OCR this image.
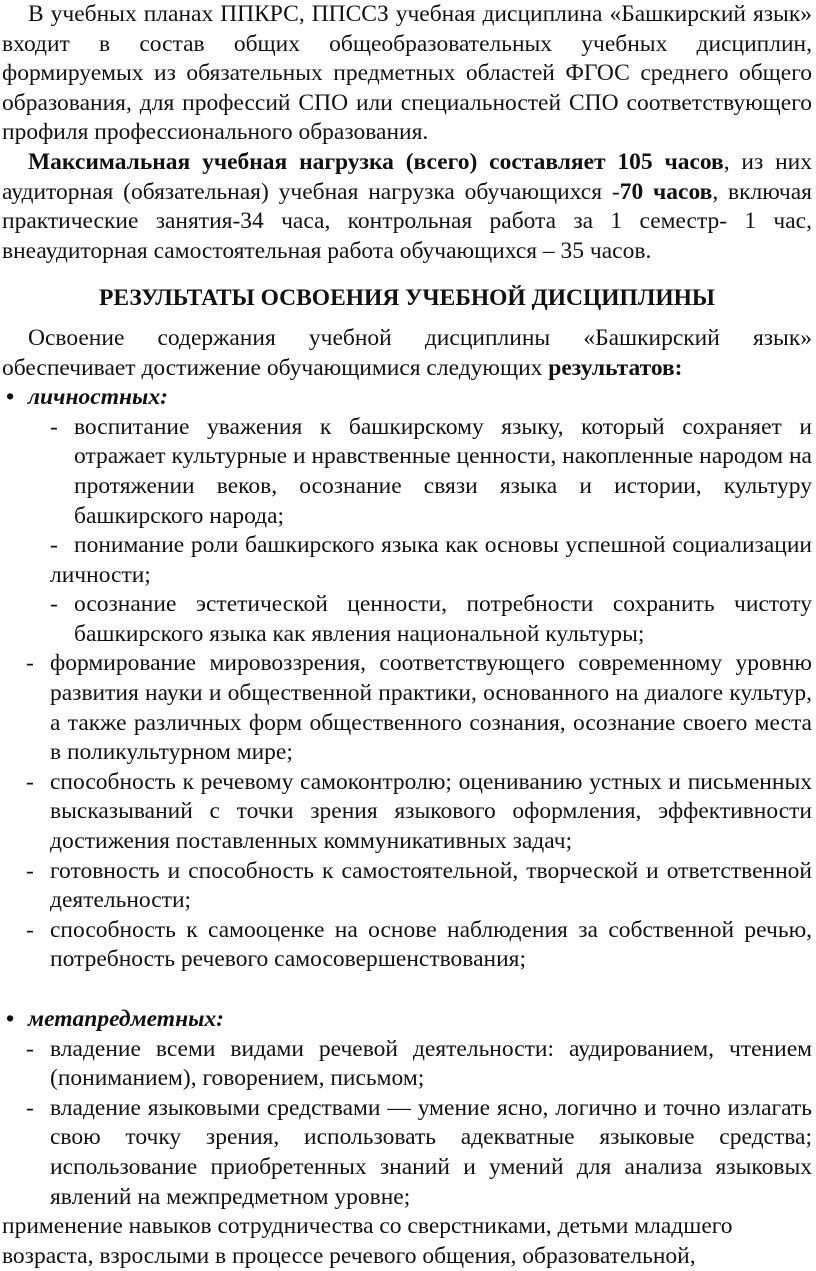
В учебных планах ППКРС, ППССЗ учебная дисциплина «Башкирский язык» входит в состав общих общеобразовательных учебных дисциплин, формируемых из обязательных предметных областей ФГОС среднего общего образования, для профессий СПО или специальностей СПО соответствующего профиля профессионального образования.

Максимальная учебная нагрузка (всего) составляет 105 часов, из них аудиторная (обязательная) учебная нагрузка обучающихся -70 часов, включая практические занятия-34 часа, контрольная работа за 1 семестр- 1 час, внеаудиторная самостоятельная работа обучающихся – 35 часов.

РЕЗУЛЬТАТЫ ОСВОЕНИЯ УЧЕБНОЙ ДИСЦИПЛИНЫ

Освоение содержания учебной дисциплины «Башкирский язык» обеспечивает достижение обучающимися следующих результатов:

• личностных:

- воспитание уважения к башкирскому языку, который сохраняет и отражает культурные и нравственные ценности, накопленные народом на протяжении веков, осознание связи языка и истории, культуру башкирского народа;

- понимание роли башкирского языка как основы успешной социализации личности;

- осознание эстетической ценности, потребности сохранить чистоту башкирского языка как явления национальной культуры;

- формирование мировоззрения, соответствующего современному уровню развития науки и общественной практики, основанного на диалоге культур, а также различных форм общественного сознания, осознание своего места в поликультурном мире;

- способность к речевому самоконтролю; оцениванию устных и письменных высказываний с точки зрения языкового оформления, эффективности достижения поставленных коммуникативных задач;

- готовность и способность к самостоятельной, творческой и ответственной деятельности;

- способность к самооценке на основе наблюдения за собственной речью, потребность речевого самосовершенствования;

• метапредметных:

- владение всеми видами речевой деятельности: аудированием, чтением (пониманием), говорением, письмом;

- владение языковыми средствами — умение ясно, логично и точно излагать свою точку зрения, использовать адекватные языковые средства; использование приобретенных знаний и умений для анализа языковых явлений на межпредметном уровне;

применение навыков сотрудничества со сверстниками, детьми младшего возраста, взрослыми в процессе речевого общения, образовательной,
